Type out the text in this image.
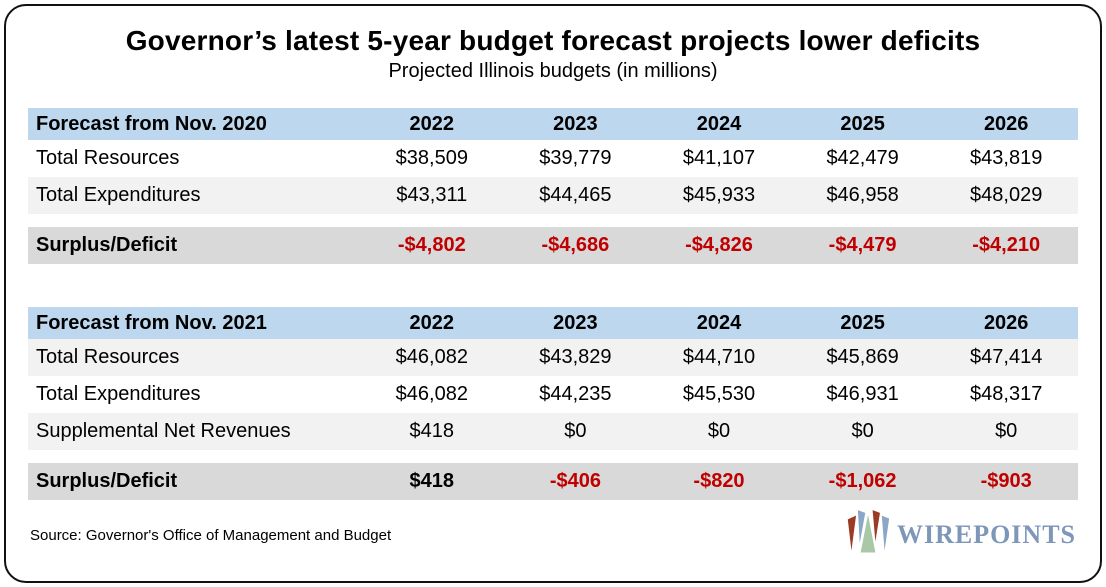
Governor’s latest 5-year budget forecast projects lower deficits
Projected Illinois budgets (in millions)
Forecast from Nov. 2020	2022	2023	2024	2025	2026
Total Resources	$38,509	$39,779	$41,107	$42,479	$43,819
Total Expenditures	$43,311	$44,465	$45,933	$46,958	$48,029
Surplus/Deficit	-$4,802	-$4,686	-$4,826	-$4,479	-$4,210
Forecast from Nov. 2021	2022	2023	2024	2025	2026
Total Resources	$46,082	$43,829	$44,710	$45,869	$47,414
Total Expenditures	$46,082	$44,235	$45,530	$46,931	$48,317
Supplemental Net Revenues	$418	$0	$0	$0	$0
Surplus/Deficit	$418	-$406	-$820	-$1,062	-$903
Source: Governor's Office of Management and Budget	WIREPOINTS
